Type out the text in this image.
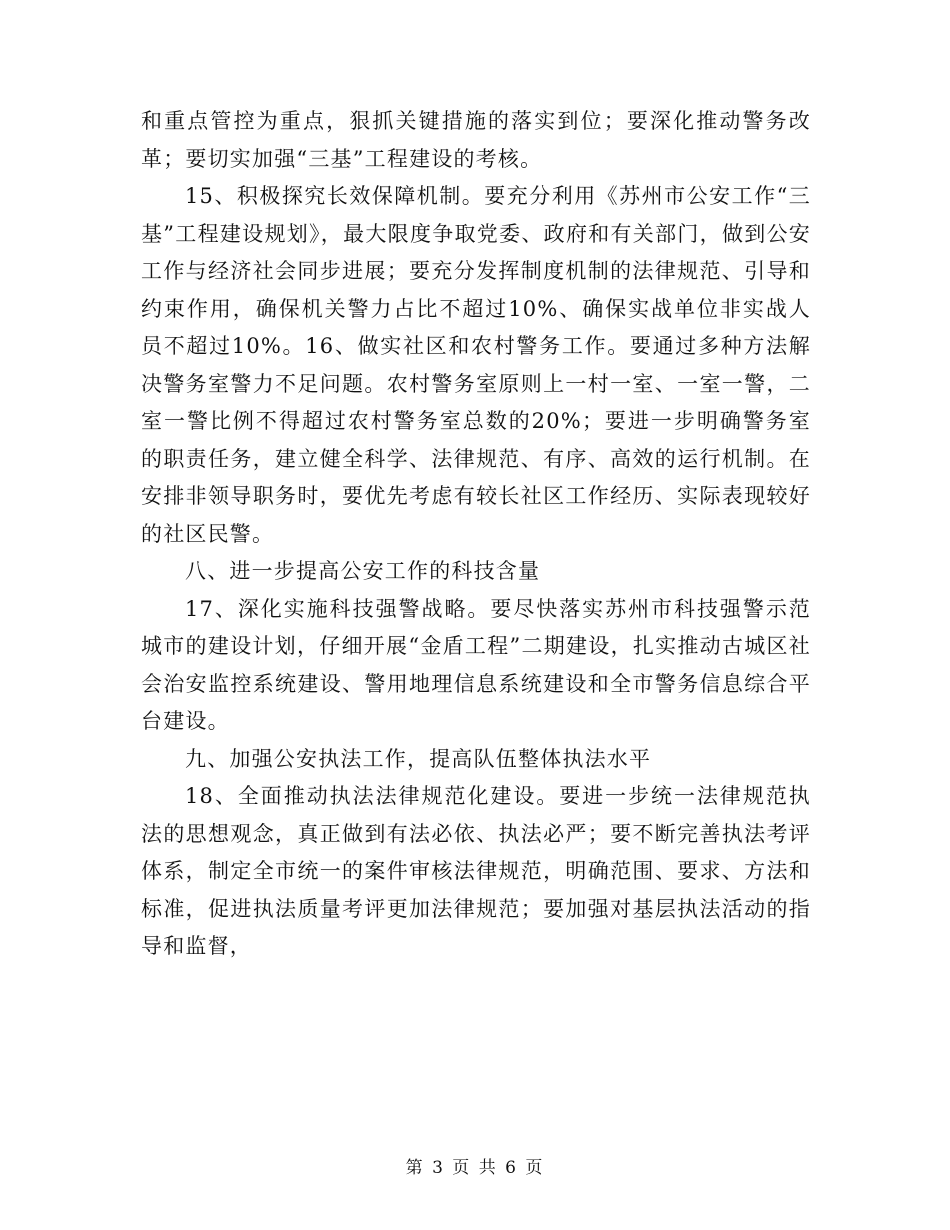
和重点管控为重点，狠抓关键措施的落实到位；要深化推动警务改革；要切实加强“三基”工程建设的考核。

15、积极探究长效保障机制。要充分利用《苏州市公安工作“三基”工程建设规划》，最大限度争取党委、政府和有关部门，做到公安工作与经济社会同步进展；要充分发挥制度机制的法律规范、引导和约束作用，确保机关警力占比不超过10%、确保实战单位非实战人员不超过10%。16、做实社区和农村警务工作。要通过多种方法解决警务室警力不足问题。农村警务室原则上一村一室、一室一警，二室一警比例不得超过农村警务室总数的20%；要进一步明确警务室的职责任务，建立健全科学、法律规范、有序、高效的运行机制。在安排非领导职务时，要优先考虑有较长社区工作经历、实际表现较好的社区民警。

八、进一步提高公安工作的科技含量

17、深化实施科技强警战略。要尽快落实苏州市科技强警示范城市的建设计划，仔细开展“金盾工程”二期建设，扎实推动古城区社会治安监控系统建设、警用地理信息系统建设和全市警务信息综合平台建设。

九、加强公安执法工作，提高队伍整体执法水平

18、全面推动执法法律规范化建设。要进一步统一法律规范执法的思想观念，真正做到有法必依、执法必严；要不断完善执法考评体系，制定全市统一的案件审核法律规范，明确范围、要求、方法和标准，促进执法质量考评更加法律规范；要加强对基层执法活动的指导和监督，

第 3 页 共 6 页
